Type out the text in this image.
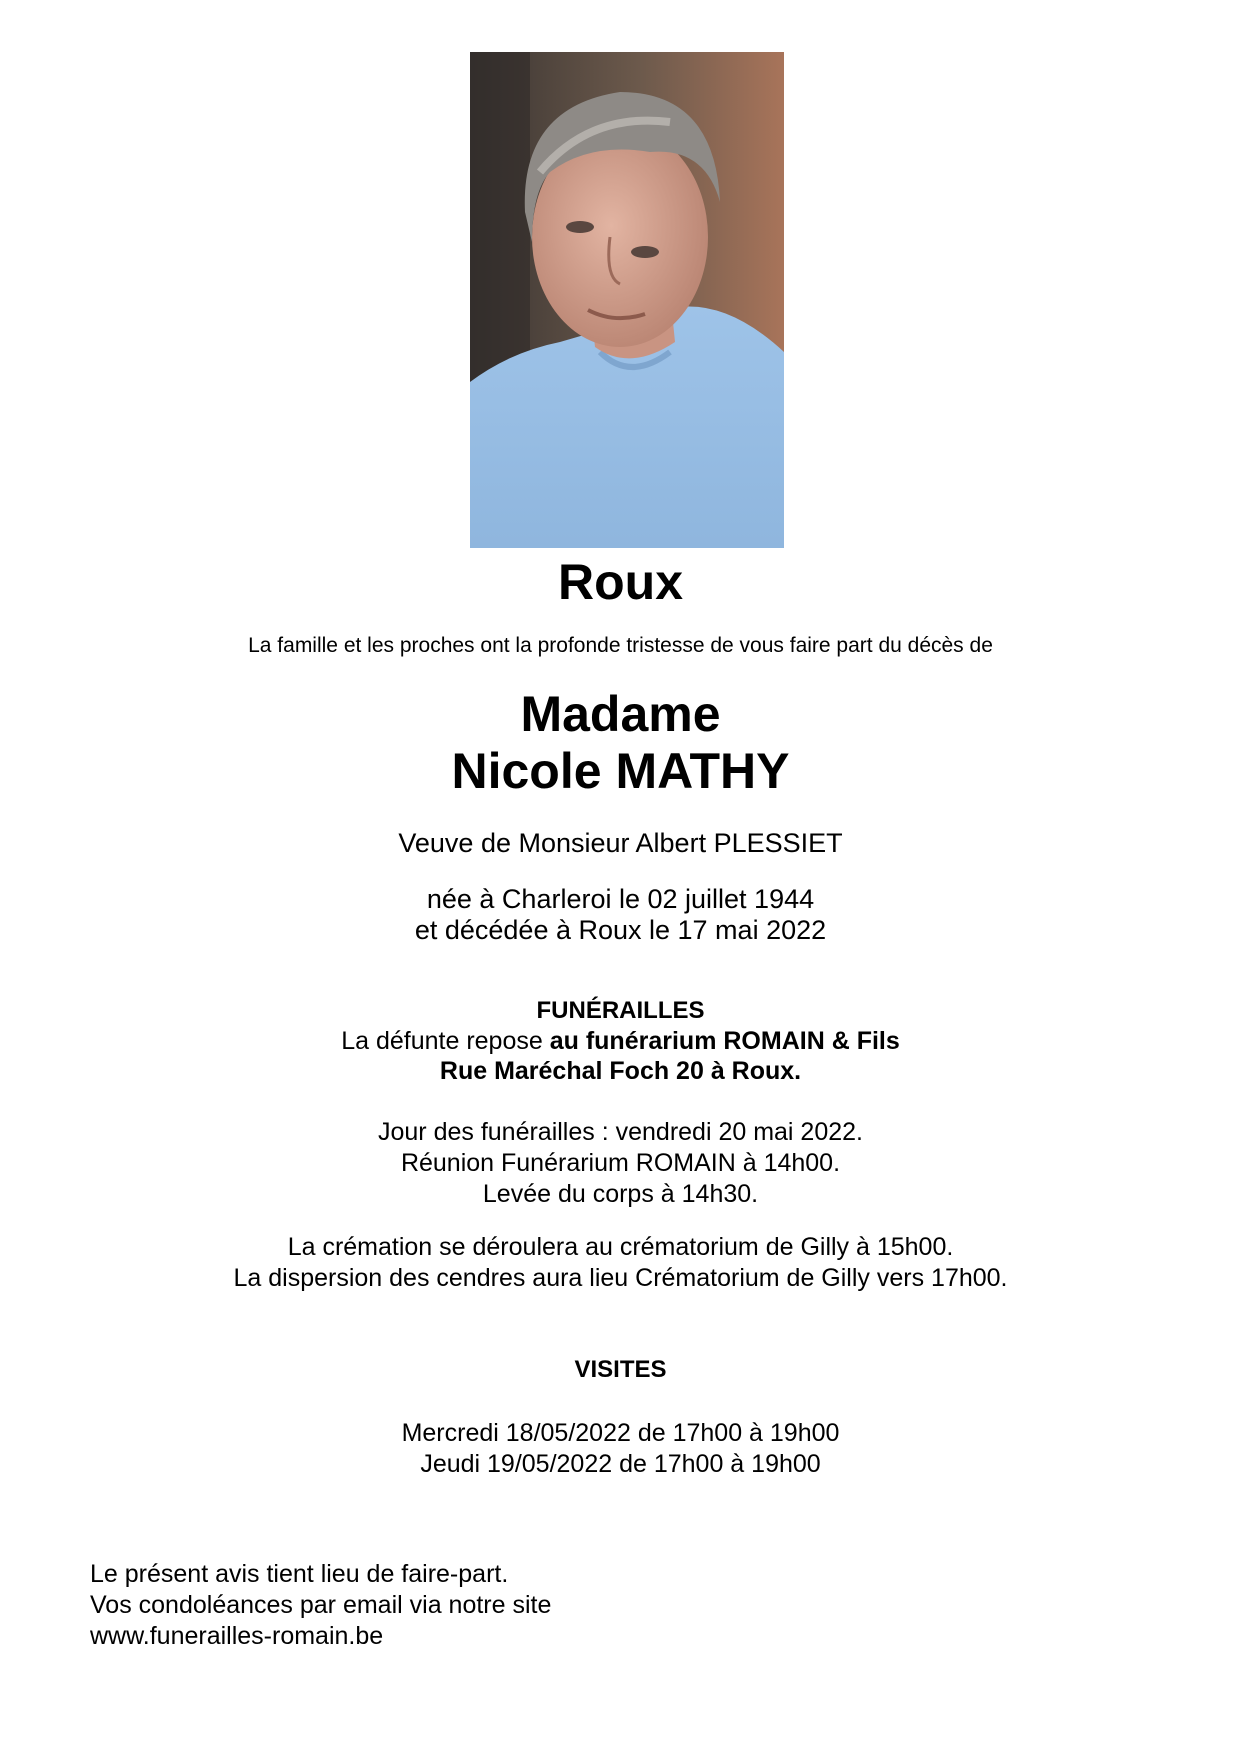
Roux
La famille et les proches ont la profonde tristesse de vous faire part du décès de
Madame
Nicole MATHY
Veuve de Monsieur Albert PLESSIET
née à Charleroi le 02 juillet 1944
et décédée à Roux le 17 mai 2022
FUNÉRAILLES
La défunte repose au funérarium ROMAIN & Fils
Rue Maréchal Foch 20 à Roux.
Jour des funérailles : vendredi 20 mai 2022.
Réunion Funérarium ROMAIN à 14h00.
Levée du corps à 14h30.
La crémation se déroulera au crématorium de Gilly à 15h00.
La dispersion des cendres aura lieu Crématorium de Gilly vers 17h00.
VISITES
Mercredi 18/05/2022 de 17h00 à 19h00
Jeudi 19/05/2022 de 17h00 à 19h00
Le présent avis tient lieu de faire-part.
Vos condoléances par email via notre site
www.funerailles-romain.be
